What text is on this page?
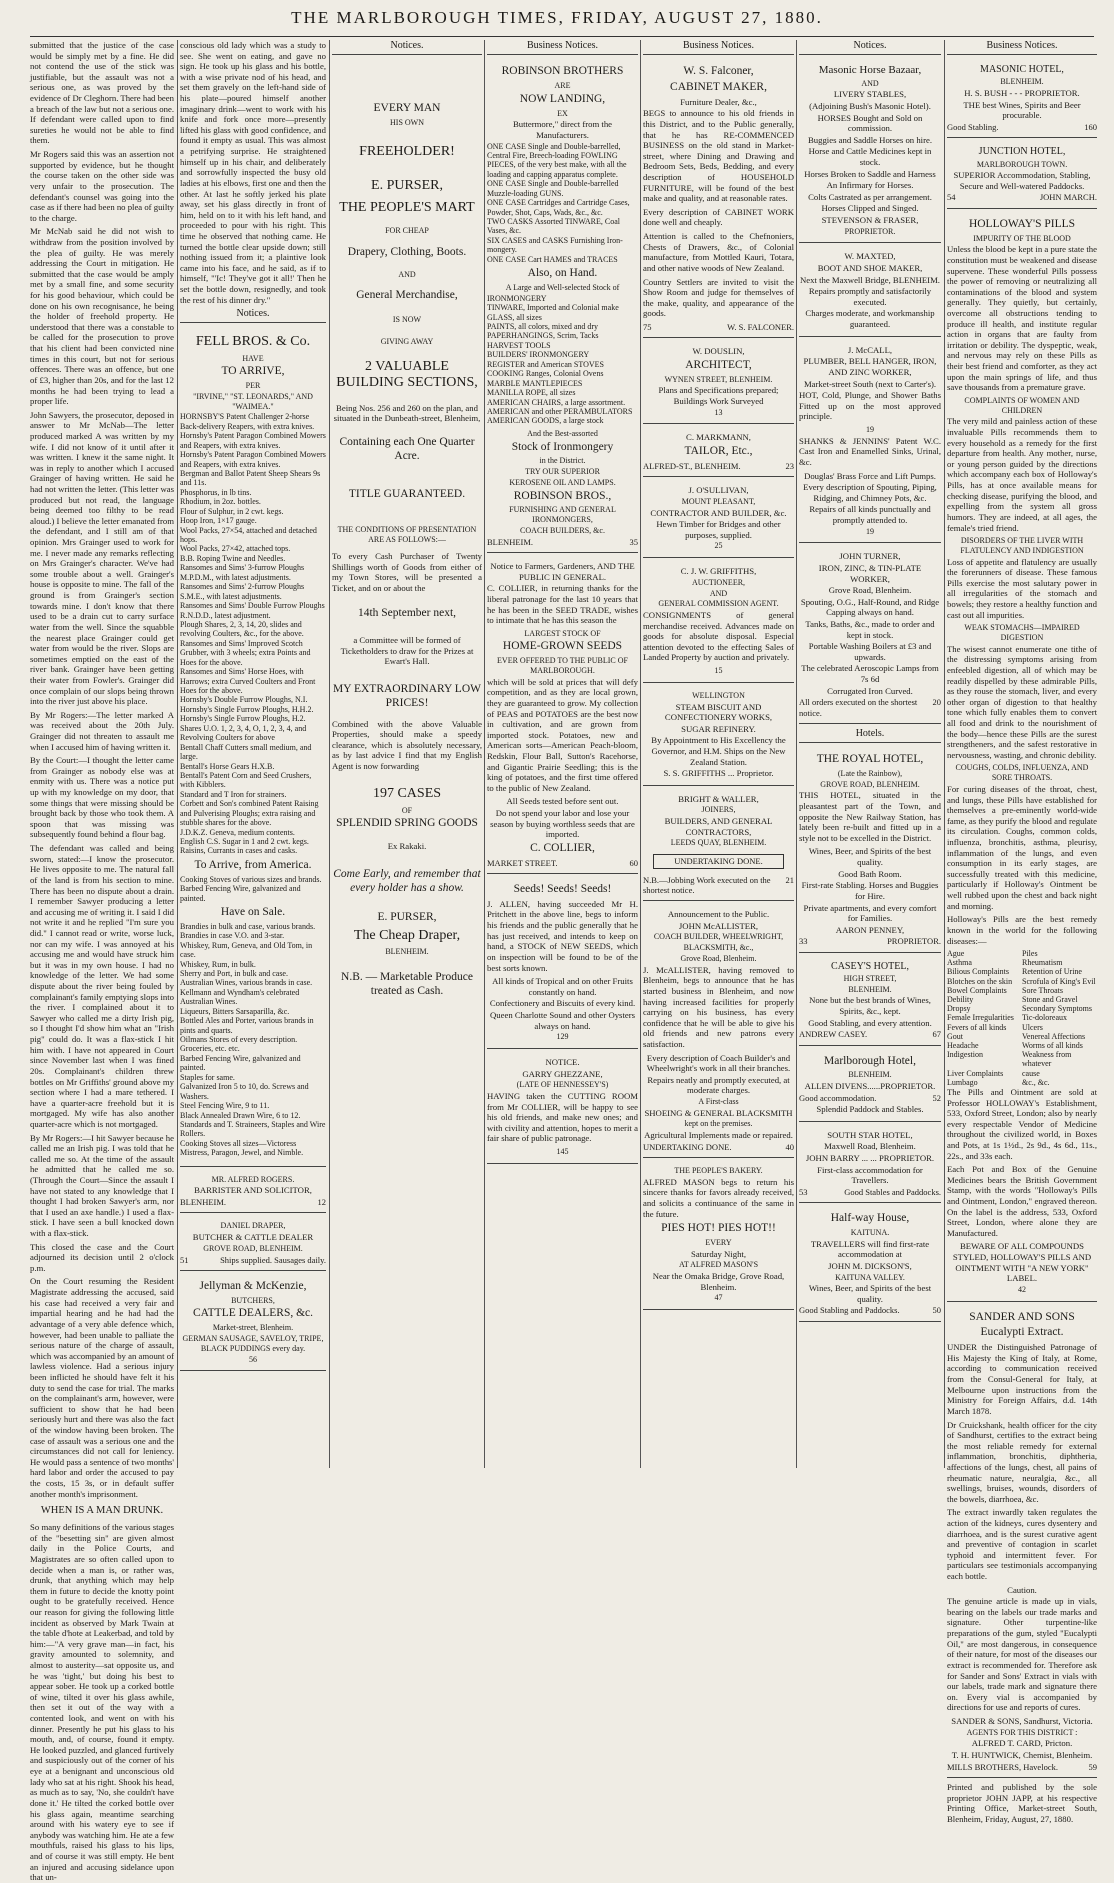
THE MARLBOROUGH TIMES, FRIDAY, AUGUST 27, 1880.

submitted that the justice of the case would be simply met by a fine. He did not contend the use of the stick was justifiable, but the assault was not a serious one, as was proved by the evidence of Dr Cleghorn. There had been a breach of the law but not a serious one. If defendant were called upon to find sureties he would not be able to find them.

Mr Rogers said this was an assertion not supported by evidence, but he thought the course taken on the other side was very unfair to the prosecution. The defendant's counsel was going into the case as if there had been no plea of guilty to the charge.

Mr McNab said he did not wish to withdraw from the position involved by the plea of guilty. He was merely addressing the Court in mitigation. He submitted that the case would be amply met by a small fine, and some security for his good behaviour, which could be done on his own recognisance, he being the holder of freehold property. He understood that there was a constable to be called for the prosecution to prove that his client had been convicted nine times in this court, but not for serious offences. There was an offence, but one of £3, higher than 20s, and for the last 12 months he had been trying to lead a proper life.

John Sawyers, the prosecutor, deposed in answer to Mr McNab—The letter produced marked A was written by my wife. I did not know of it until after it was written. I knew it the same night. It was in reply to another which I accused Grainger of having written. He said he had not written the letter. (This letter was produced but not read, the language being deemed too filthy to be read aloud.) I believe the letter emanated from the defendant, and I still am of that opinion. Mrs Grainger used to work for me. I never made any remarks reflecting on Mrs Grainger's character. We've had some trouble about a well. Grainger's house is opposite to mine. The fall of the ground is from Grainger's section towards mine. I don't know that there used to be a drain cut to carry surface water from the well. Since the squabble the nearest place Grainger could get water from would be the river. Slops are sometimes emptied on the east of the river bank. Grainger have been getting their water from Fowler's. Grainger did once complain of our slops being thrown into the river just above his place.

By Mr Rogers:—The letter marked A was received about the 20th July. Grainger did not threaten to assault me when I accused him of having written it.

By the Court:—I thought the letter came from Grainger as nobody else was at enmity with us. There was a notice put up with my knowledge on my door, that some things that were missing should be brought back by those who took them. A spoon that was missing was subsequently found behind a flour bag.

The defendant was called and being sworn, stated:—I know the prosecutor. He lives opposite to me. The natural fall of the land is from his section to mine. There has been no dispute about a drain. I remember Sawyer producing a letter and accusing me of writing it. I said I did not write it and he replied "I'm sure you did." I cannot read or write, worse luck, nor can my wife. I was annoyed at his accusing me and would have struck him but it was in my own house. I had no knowledge of the letter. We had some dispute about the river being fouled by complainant's family emptying slops into the river. I complained about it to Sawyer who called me a dirty Irish pig, so I thought I'd show him what an "Irish pig" could do. It was a flax-stick I hit him with. I have not appeared in Court since November last when I was fined 20s. Complainant's children threw bottles on Mr Griffiths' ground above my section where I had a mare tethered. I have a quarter-acre freehold but it is mortgaged. My wife has also another quarter-acre which is not mortgaged.

By Mr Rogers:—I hit Sawyer because he called me an Irish pig. I was told that he called me so. At the time of the assault he admitted that he called me so. (Through the Court—Since the assault I have not stated to any knowledge that I thought I had broken Sawyer's arm, nor that I used an axe handle.) I used a flax-stick. I have seen a bull knocked down with a flax-stick.

This closed the case and the Court adjourned its decision until 2 o'clock p.m.

On the Court resuming the Resident Magistrate addressing the accused, said his case had received a very fair and impartial hearing and he had had the advantage of a very able defence which, however, had been unable to palliate the serious nature of the charge of assault, which was accompanied by an amount of lawless violence. Had a serious injury been inflicted he should have felt it his duty to send the case for trial. The marks on the complainant's arm, however, were sufficient to show that he had been seriously hurt and there was also the fact of the window having been broken. The case of assault was a serious one and the circumstances did not call for leniency. He would pass a sentence of two months' hard labor and order the accused to pay the costs, 15 3s, or in default suffer another month's imprisonment.

WHEN IS A MAN DRUNK.

So many definitions of the various stages of the "besetting sin" are given almost daily in the Police Courts, and Magistrates are so often called upon to decide when a man is, or rather was, drunk, that anything which may help them in future to decide the knotty point ought to be gratefully received. Hence our reason for giving the following little incident as observed by Mark Twain at the table d'hote at Leakerbad, and told by him:—"A very grave man—in fact, his gravity amounted to solemnity, and almost to austerity—sat opposite us, and he was 'tight,' but doing his best to appear sober. He took up a corked bottle of wine, tilted it over his glass awhile, then set it out of the way with a contented look, and went on with his dinner. Presently he put his glass to his mouth, and, of course, found it empty. He looked puzzled, and glanced furtively and suspiciously out of the corner of his eye at a benignant and unconscious old lady who sat at his right. Shook his head, as much as to say, 'No, she couldn't have done it.' He tilted the corked bottle over his glass again, meantime searching around with his watery eye to see if anybody was watching him. He ate a few mouthfuls, raised his glass to his lips, and of course it was still empty. He bent an injured and accusing sidelance upon that un-

conscious old lady which was a study to see. She went on eating, and gave no sign. He took up his glass and his bottle, with a wise private nod of his head, and set them gravely on the left-hand side of his plate—poured himself another imaginary drink—went to work with his knife and fork once more—presently lifted his glass with good confidence, and found it empty as usual. This was almost a petrifying surprise. He straightened himself up in his chair, and deliberately and sorrowfully inspected the busy old ladies at his elbows, first one and then the other. At last he softly jerked his plate away, set his glass directly in front of him, held on to it with his left hand, and proceeded to pour with his right. This time he observed that nothing came. He turned the bottle clear upside down; still nothing issued from it; a plaintive look came into his face, and he said, as if to himself, "'Ic! They've got it all!' Then he set the bottle down, resignedly, and took the rest of his dinner dry."

Notices.
FELL BROS. & Co.
HAVE
TO ARRIVE,
PER
"IRVINE," "ST. LEONARDS," AND "WAIMEA."
HORNSBY'S Patent Challenger 2-horse Back-delivery Reapers, with extra knives.
Hornsby's Patent Paragon Combined Mowers and Reapers, with extra knives.
Hornsby's Patent Paragon Combined Mowers and Reapers, with extra knives.
Bergman and Ballot Patent Sheep Shears 9s and 11s.
Phosphorus, in lb tins.
Rhodium, in 2oz. bottles.
Flour of Sulphur, in 2 cwt. kegs.
Hoop Iron, 1×17 gauge.
Wool Packs, 27×54, attached and detached hops.
Wool Packs, 27×42, attached tops.
B.B. Roping Twine and Needles.
Ransomes and Sims' 3-furrow Ploughs M.P.D.M., with latest adjustments.
Ransomes and Sims' 2-furrow Ploughs S.M.E., with latest adjustments.
Ransomes and Sims' Double Furrow Ploughs R.N.D.D., latest adjustment.
Plough Shares, 2, 3, 14, 20, slides and revolving Coulters, &c., for the above.
Ransomes and Sims' Improved Scotch Grubber, with 3 wheels; extra Points and Hoes for the above.
Ransomes and Sims' Horse Hoes, with Harrows; extra Curved Coulters and Front Hoes for the above.
Hornsby's Double Furrow Ploughs, N.I.
Hornsby's Single Furrow Ploughs, H.H.2.
Hornsby's Single Furrow Ploughs, H.2.
Shares U.O. 1, 2, 3, 4, O, 1, 2, 3, 4, and Revolving Coulters for above
Bentall Chaff Cutters small medium, and large.
Bentall's Horse Gears H.X.B.
Bentall's Patent Corn and Seed Crushers, with Kibblers.
Standard and T Iron for strainers.
Corbett and Son's combined Patent Raising and Pulverising Ploughs; extra raising and stubble shares for the above.
J.D.K.Z. Geneva, medium contents.
English C.S. Sugar in 1 and 2 cwt. kegs.
Raisins, Currants in cases and casks.
To Arrive, from America.
Cooking Stoves of various sizes and brands.
Barbed Fencing Wire, galvanized and painted.
Have on Sale.
Brandies in bulk and case, various brands.
Brandies in case V.O. and 3-star.
Whiskey, Rum, Geneva, and Old Tom, in case.
Whiskey, Rum, in bulk.
Sherry and Port, in bulk and case.
Australian Wines, various brands in case.
Kellmann and Wyndham's celebrated Australian Wines.
Liqueurs, Bitters Sarsaparilla, &c.
Bottled Ales and Porter, various brands in pints and quarts.
Oilmans Stores of every description.
Groceries, etc. etc.
Barbed Fencing Wire, galvanized and painted.
Staples for same.
Galvanized Iron 5 to 10, do. Screws and Washers.
Steel Fencing Wire, 9 to 11.
Black Annealed Drawn Wire, 6 to 12.
Standards and T. Straineers, Staples and Wire Rollers.
Cooking Stoves all sizes—Victoress Mistress, Paragon, Jewel, and Nimble.
MR. ALFRED ROGERS.
BARRISTER AND SOLICITOR,
BLENHEIM.	12
DANIEL DRAPER,
BUTCHER & CATTLE DEALER
GROVE ROAD, BLENHEIM.
51	Ships supplied. Sausages daily.
Jellyman & McKenzie,
BUTCHERS,
CATTLE DEALERS, &c.
Market-street, Blenheim.
GERMAN SAUSAGE, SAVELOY, TRIPE, BLACK PUDDINGS every day.
56
Notices.
EVERY MAN
HIS OWN
FREEHOLDER!
E. PURSER,
THE PEOPLE'S MART
FOR CHEAP
Drapery, Clothing, Boots.
AND
General Merchandise,
IS NOW
GIVING AWAY
2 VALUABLE BUILDING SECTIONS,
Being Nos. 256 and 260 on the plan, and situated in the Dunbeath-street, Blenheim,
Containing each One Quarter Acre.
TITLE GUARANTEED.
THE CONDITIONS OF PRESENTATION ARE AS FOLLOWS:—

To every Cash Purchaser of Twenty Shillings worth of Goods from either of my Town Stores, will be presented a Ticket, and on or about the

14th September next,
a Committee will be formed of Ticketholders to draw for the Prizes at Ewart's Hall.
MY EXTRAORDINARY LOW PRICES!

Combined with the above Valuable Properties, should make a speedy clearance, which is absolutely necessary, as by last advice I find that my English Agent is now forwarding

197 CASES
OF
SPLENDID SPRING GOODS
Ex Rakaki.
Come Early, and remember that every holder has a show.
E. PURSER,
The Cheap Draper,
BLENHEIM.
N.B. — Marketable Produce treated as Cash.
Business Notices.
ROBINSON BROTHERS
ARE
NOW LANDING,
EX
Buttermore," direct from the Manufacturers.
ONE CASE Single and Double-barrelled, Central Fire, Breech-loading FOWLING PIECES, of the very best make, with all the loading and capping apparatus complete.
ONE CASE Single and Double-barrelled Muzzle-loading GUNS.
ONE CASE Cartridges and Cartridge Cases, Powder, Shot, Caps, Wads, &c., &c.
TWO CASKS Assorted TINWARE, Coal Vases, &c.
SIX CASES and CASKS Furnishing Iron-mongery.
ONE CASE Cart HAMES and TRACES
Also, on Hand.
A Large and Well-selected Stock of
IRONMONGERY
TINWARE, Imported and Colonial make
GLASS, all sizes
PAINTS, all colors, mixed and dry
PAPERHANGINGS, Scrim, Tacks
HARVEST TOOLS
BUILDERS' IRONMONGERY
REGISTER and American STOVES
COOKING Ranges, Colonial Ovens
MARBLE MANTLEPIECES
MANILLA ROPE, all sizes
AMERICAN CHAIRS, a large assortment.
AMERICAN and other PERAMBULATORS
AMERICAN GOODS, a large stock
And the Best-assorted
Stock of Ironmongery
in the District.
TRY OUR SUPERIOR
KEROSENE OIL AND LAMPS.
ROBINSON BROS.,
FURNISHING AND GENERAL IRONMONGERS,
COACH BUILDERS, &c.
BLENHEIM.	35
Notice to Farmers, Gardeners, AND THE PUBLIC IN GENERAL.

C. COLLIER, in returning thanks for the liberal patronage for the last 10 years that he has been in the SEED TRADE, wishes to intimate that he has this season the

LARGEST STOCK OF
HOME-GROWN SEEDS
EVER OFFERED TO THE PUBLIC OF MARLBOROUGH.

which will be sold at prices that will defy competition, and as they are local grown, they are guaranteed to grow. My collection of PEAS and POTATOES are the best now in cultivation, and are grown from imported stock. Potatoes, new and American sorts—American Peach-bloom, Redskin, Flour Ball, Sutton's Racehorse, and Gigantic Prairie Seedling; this is the king of potatoes, and the first time offered to the public of New Zealand.

All Seeds tested before sent out.
Do not spend your labor and lose your season by buying worthless seeds that are imported.
C. COLLIER,
MARKET STREET.	60
Seeds! Seeds! Seeds!

J. ALLEN, having succeeded Mr H. Pritchett in the above line, begs to inform his friends and the public generally that he has just received, and intends to keep on hand, a STOCK of NEW SEEDS, which on inspection will be found to be of the best sorts known.

All kinds of Tropical and on other Fruits constantly on hand.
Confectionery and Biscuits of every kind.
Queen Charlotte Sound and other Oysters always on hand.
129
NOTICE.
GARRY GHEZZANE,
(LATE OF HENNESSEY'S)

HAVING taken the CUTTING ROOM from Mr COLLIER, will be happy to see his old friends, and make new ones; and with civility and attention, hopes to merit a fair share of public patronage.

145
Business Notices.
W. S. Falconer,
CABINET MAKER,
Furniture Dealer, &c.,

BEGS to announce to his old friends in this District, and to the Public generally, that he has RE-COMMENCED BUSINESS on the old stand in Market-street, where Dining and Drawing and Bedroom Sets, Beds, Bedding, and every description of HOUSEHOLD FURNITURE, will be found of the best make and quality, and at reasonable rates.

Every description of CABINET WORK done well and cheaply.

Attention is called to the Chefnoniers, Chests of Drawers, &c., of Colonial manufacture, from Mottled Kauri, Totara, and other native woods of New Zealand.

Country Settlers are invited to visit the Show Room and judge for themselves of the make, quality, and appearance of the goods.

75	W. S. FALCONER.
W. DOUSLIN,
ARCHITECT,
WYNEN STREET, BLENHEIM.
Plans and Specifications prepared; Buildings Work Surveyed
13
C. MARKMANN,
TAILOR, Etc.,
ALFRED-ST., BLENHEIM.	23
J. O'SULLIVAN,
MOUNT PLEASANT,
CONTRACTOR AND BUILDER, &c.
Hewn Timber for Bridges and other purposes, supplied.
25
C. J. W. GRIFFITHS,
AUCTIONEER,
AND
GENERAL COMMISSION AGENT.

CONSIGNMENTS of general merchandise received. Advances made on goods for absolute disposal. Especial attention devoted to the effecting Sales of Landed Property by auction and privately.

15
WELLINGTON
STEAM BISCUIT AND CONFECTIONERY WORKS,
SUGAR REFINERY.
By Appointment to His Excellency the Governor, and H.M. Ships on the New Zealand Station.
S. S. GRIFFITHS ... Proprietor.
BRIGHT & WALLER,
JOINERS,
BUILDERS, AND GENERAL CONTRACTORS,
LEEDS QUAY, BLENHEIM.
UNDERTAKING DONE.
N.B.—Jobbing Work executed on the shortest notice.
21
Announcement to the Public.
JOHN McALLISTER,
COACH BUILDER, WHEELWRIGHT,
BLACKSMITH, &c.,
Grove Road, Blenheim.

J. McALLISTER, having removed to Blenheim, begs to announce that he has started business in Blenheim, and now having increased facilities for properly carrying on his business, has every confidence that he will be able to give his old friends and new patrons every satisfaction.

Every description of Coach Builder's and Wheelwright's work in all their branches.
Repairs neatly and promptly executed, at moderate charges.
A First-class
SHOEING & GENERAL BLACKSMITH
kept on the premises.
Agricultural Implements made or repaired.
UNDERTAKING DONE.	40
THE PEOPLE'S BAKERY.

ALFRED MASON begs to return his sincere thanks for favors already received, and solicits a continuance of the same in the future.

PIES HOT! PIES HOT!!
EVERY
Saturday Night,
AT ALFRED MASON'S
Near the Omaka Bridge, Grove Road, Blenheim.
47
Notices.
Masonic Horse Bazaar,
AND
LIVERY STABLES,
(Adjoining Bush's Masonic Hotel).
HORSES Bought and Sold on commission.
Buggies and Saddle Horses on hire.
Horse and Cattle Medicines kept in stock.
Horses Broken to Saddle and Harness
An Infirmary for Horses.
Colts Castrated as per arrangement.
Horses Clipped and Singed.
STEVENSON & FRASER,
PROPRIETOR.
W. MAXTED,
BOOT AND SHOE MAKER,
Next the Maxwell Bridge, BLENHEIM.
Repairs promptly and satisfactorily executed.
Charges moderate, and workmanship guaranteed.
J. McCALL,
PLUMBER, BELL HANGER, IRON, AND ZINC WORKER,
Market-street South (next to Carter's).

HOT, Cold, Plunge, and Shower Baths Fitted up on the most approved principle.

19

SHANKS & JENNINS' Patent W.C. Cast Iron and Enamelled Sinks, Urinal, &c.

Douglas' Brass Force and Lift Pumps.
Every description of Spouting, Piping, Ridging, and Chimney Pots, &c.
Repairs of all kinds punctually and promptly attended to.
19
JOHN TURNER,
IRON, ZINC, & TIN-PLATE WORKER,
Grove Road, Blenheim.
Spouting, O.G., Half-Round, and Ridge Capping always on hand.
Tanks, Baths, &c., made to order and kept in stock.
Portable Washing Boilers at £3 and upwards.
The celebrated Aeroscopic Lamps from 7s 6d
Corrugated Iron Curved.
All orders executed on the shortest notice.
20
Hotels.
THE ROYAL HOTEL,
(Late the Rainbow),
GROVE ROAD, BLENHEIM.

THIS HOTEL, situated in the pleasantest part of the Town, and opposite the New Railway Station, has lately been re-built and fitted up in a style not to be excelled in the District.

Wines, Beer, and Spirits of the best quality.
Good Bath Room.
First-rate Stabling. Horses and Buggies for Hire.
Private apartments, and every comfort for Families.
AARON PENNEY,
33	PROPRIETOR.
CASEY'S HOTEL,
HIGH STREET,
BLENHEIM.
None but the best brands of Wines, Spirits, &c., kept.
Good Stabling, and every attention.
ANDREW CASEY.	67
Marlborough Hotel,
BLENHEIM.
ALLEN DIVENS......PROPRIETOR.
Good accommodation.	52
Splendid Paddock and Stables.
SOUTH STAR HOTEL,
Maxwell Road, Blenheim.
JOHN BARRY ... ... PROPRIETOR.
First-class accommodation for Travellers.
53	Good Stables and Paddocks.
Half-way House,
KAITUNA.
TRAVELLERS will find first-rate accommodation at
JOHN M. DICKSON'S,
KAITUNA VALLEY.
Wines, Beer, and Spirits of the best quality.
Good Stabling and Paddocks.	50
Business Notices.
MASONIC HOTEL,
BLENHEIM.
H. S. BUSH - - - PROPRIETOR.
THE best Wines, Spirits and Beer procurable.
Good Stabling.	160
JUNCTION HOTEL,
MARLBOROUGH TOWN.
SUPERIOR Accommodation, Stabling, Secure and Well-watered Paddocks.
54	JOHN MARCH.
HOLLOWAY'S PILLS
IMPURITY OF THE BLOOD

Unless the blood be kept in a pure state the constitution must be weakened and disease supervene. These wonderful Pills possess the power of removing or neutralizing all contaminations of the blood and system generally. They quietly, but certainly, overcome all obstructions tending to produce ill health, and institute regular action in organs that are faulty from irritation or debility. The dyspeptic, weak, and nervous may rely on these Pills as their best friend and comforter, as they act upon the main springs of life, and thus save thousands from a premature grave.

COMPLAINTS OF WOMEN AND CHILDREN

The very mild and painless action of these invaluable Pills recommends them to every household as a remedy for the first departure from health. Any mother, nurse, or young person guided by the directions which accompany each box of Holloway's Pills, has at once available means for checking disease, purifying the blood, and expelling from the system all gross humors. They are indeed, at all ages, the female's tried friend.

DISORDERS OF THE LIVER WITH FLATULENCY AND INDIGESTION

Loss of appetite and flatulency are usually the forerunners of disease. These famous Pills exercise the most salutary power in all irregularities of the stomach and bowels; they restore a healthy function and cast out all impurities.

WEAK STOMACHS—IMPAIRED DIGESTION

The wisest cannot enumerate one tithe of the distressing symptoms arising from enfeebled digestion, all of which may be readily dispelled by these admirable Pills, as they rouse the stomach, liver, and every other organ of digestion to that healthy tone which fully enables them to convert all food and drink to the nourishment of the body—hence these Pills are the surest strengtheners, and the safest restorative in nervousness, wasting, and chronic debility.

COUGHS, COLDS, INFLUENZA, AND SORE THROATS.

For curing diseases of the throat, chest, and lungs, these Pills have established for themselves a pre-eminently world-wide fame, as they purify the blood and regulate its circulation. Coughs, common colds, influenza, bronchitis, asthma, pleurisy, inflammation of the lungs, and even consumption in its early stages, are successfully treated with this medicine, particularly if Holloway's Ointment be well rubbed upon the chest and back night and morning.

Holloway's Pills are the best remedy known in the world for the following diseases:—

Ague	Piles
Asthma	Rheumatism
Bilious Complaints	Retention of Urine
Blotches on the skin	Scrofula of King's Evil
Bowel Complaints	Sore Throats
Debility	Stone and Gravel
Dropsy	Secondary Symptoms
Female Irregularities	Tic-doloreaux
Fevers of all kinds	Ulcers
Gout	Venereal Affections
Headache	Worms of all kinds
Indigestion	Weakness from whatever
Liver Complaints	cause
Lumbago	&c., &c.

The Pills and Ointment are sold at Professor HOLLOWAY's Establishment, 533, Oxford Street, London; also by nearly every respectable Vendor of Medicine throughout the civilized world, in Boxes and Pots, at 1s 1½d., 2s 9d., 4s 6d., 11s., 22s., and 33s each.

Each Pot and Box of the Genuine Medicines bears the British Government Stamp, with the words "Holloway's Pills and Ointment, London," engraved thereon. On the label is the address, 533, Oxford Street, London, where alone they are Manufactured.

BEWARE OF ALL COMPOUNDS STYLED, HOLLOWAY'S PILLS AND OINTMENT WITH "A NEW YORK" LABEL.
42
SANDER AND SONS
Eucalypti Extract.

UNDER the Distinguished Patronage of His Majesty the King of Italy, at Rome, according to communication received from the Consul-General for Italy, at Melbourne upon instructions from the Ministry for Foreign Affairs, d.d. 14th March 1878.

Dr Cruickshank, health officer for the city of Sandhurst, certifies to the extract being the most reliable remedy for external inflammation, bronchitis, diphtheria, affections of the lungs, chest, all pains of rheumatic nature, neuralgia, &c., all swellings, bruises, wounds, disorders of the bowels, diarrhoea, &c.

The extract inwardly taken regulates the action of the kidneys, cures dysentery and diarrhoea, and is the surest curative agent and preventive of contagion in scarlet typhoid and intermittent fever. For particulars see testimonials accompanying each bottle.

Caution.

The genuine article is made up in vials, bearing on the labels our trade marks and signature. Other turpentine-like preparations of the gum, styled "Eucalypti Oil," are most dangerous, in consequence of their nature, for most of the diseases our extract is recommended for. Therefore ask for Sander and Sons' Extract in vials with our labels, trade mark and signature there on. Every vial is accompanied by directions for use and reports of cures.

SANDER & SONS, Sandhurst, Victoria.
AGENTS FOR THIS DISTRICT :
ALFRED T. CARD, Pricton.
T. H. HUNTWICK, Chemist, Blenheim.
MILLS BROTHERS, Havelock.	59

Printed and published by the sole proprietor JOHN JAPP, at his respective Printing Office, Market-street South, Blenheim, Friday, August, 27, 1880.
